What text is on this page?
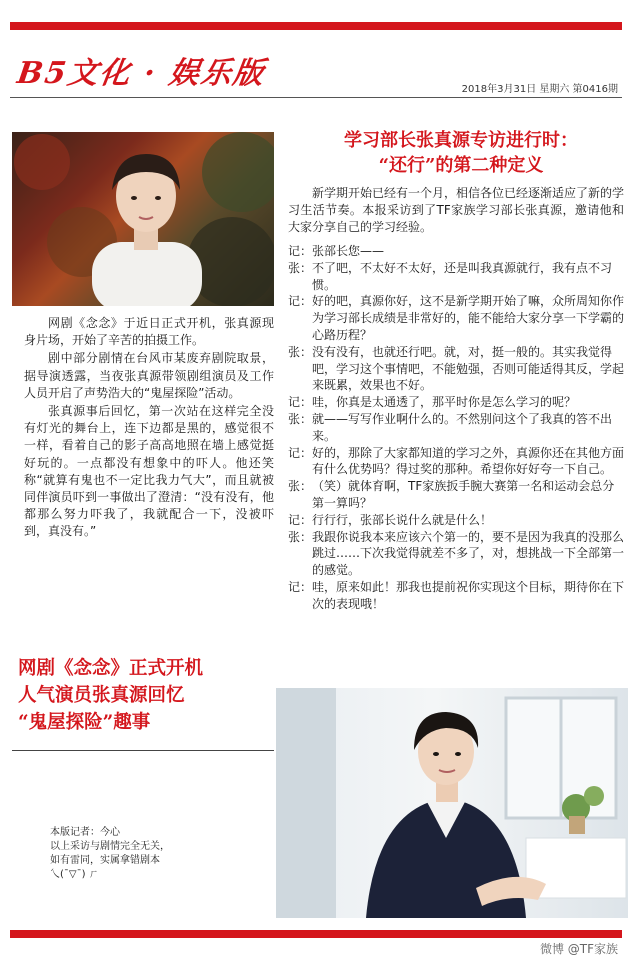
B5文化 · 娱乐版	2018年3月31日 星期六 第0416期

网剧《念念》于近日正式开机，张真源现身片场，开始了辛苦的拍摄工作。

剧中部分剧情在台风市某废弃剧院取景，据导演透露，当夜张真源带领剧组演员及工作人员开启了声势浩大的“鬼屋探险”活动。

张真源事后回忆，第一次站在这样完全没有灯光的舞台上，连下边都是黑的，感觉很不一样，看着自己的影子高高地照在墙上感觉挺好玩的。一点都没有想象中的吓人。他还笑称“就算有鬼也不一定比我力气大”，而且就被同伴演员吓到一事做出了澄清：“没有没有，他都那么努力吓我了，我就配合一下，没被吓到，真没有。”

网剧《念念》正式开机
人气演员张真源回忆
“鬼屋探险”趣事
本版记者：今心
以上采访与剧情完全无关，
如有雷同，实属拿错剧本
乀(ˉ▽ˉ) ㄏ
学习部长张真源专访进行时：
“还行”的第二种定义
新学期开始已经有一个月，相信各位已经逐渐适应了新的学习生活节奏。本报采访到了TF家族学习部长张真源，邀请他和大家分享自己的学习经验。
记： 张部长您——
张： 不了吧，不太好不太好，还是叫我真源就行，我有点不习惯。
记： 好的吧，真源你好，这不是新学期开始了嘛，众所周知你作为学习部长成绩是非常好的，能不能给大家分享一下学霸的心路历程？
张： 没有没有，也就还行吧。就，对，挺一般的。其实我觉得吧，学习这个事情吧，不能勉强，否则可能适得其反，学起来既累，效果也不好。
记： 哇，你真是太通透了，那平时你是怎么学习的呢？
张： 就——写写作业啊什么的。不然别问这个了我真的答不出来。
记： 好的，那除了大家都知道的学习之外，真源你还在其他方面有什么优势吗？得过奖的那种。希望你好好夸一下自己。
张： （笑）就体育啊，TF家族扳手腕大赛第一名和运动会总分第一算吗？
记： 行行行，张部长说什么就是什么！
张： 我跟你说我本来应该六个第一的，要不是因为我真的没那么跳过……下次我觉得就差不多了，对，想挑战一下全部第一的感觉。
记： 哇，原来如此！那我也提前祝你实现这个目标，期待你在下次的表现哦！
微博 @TF家族
